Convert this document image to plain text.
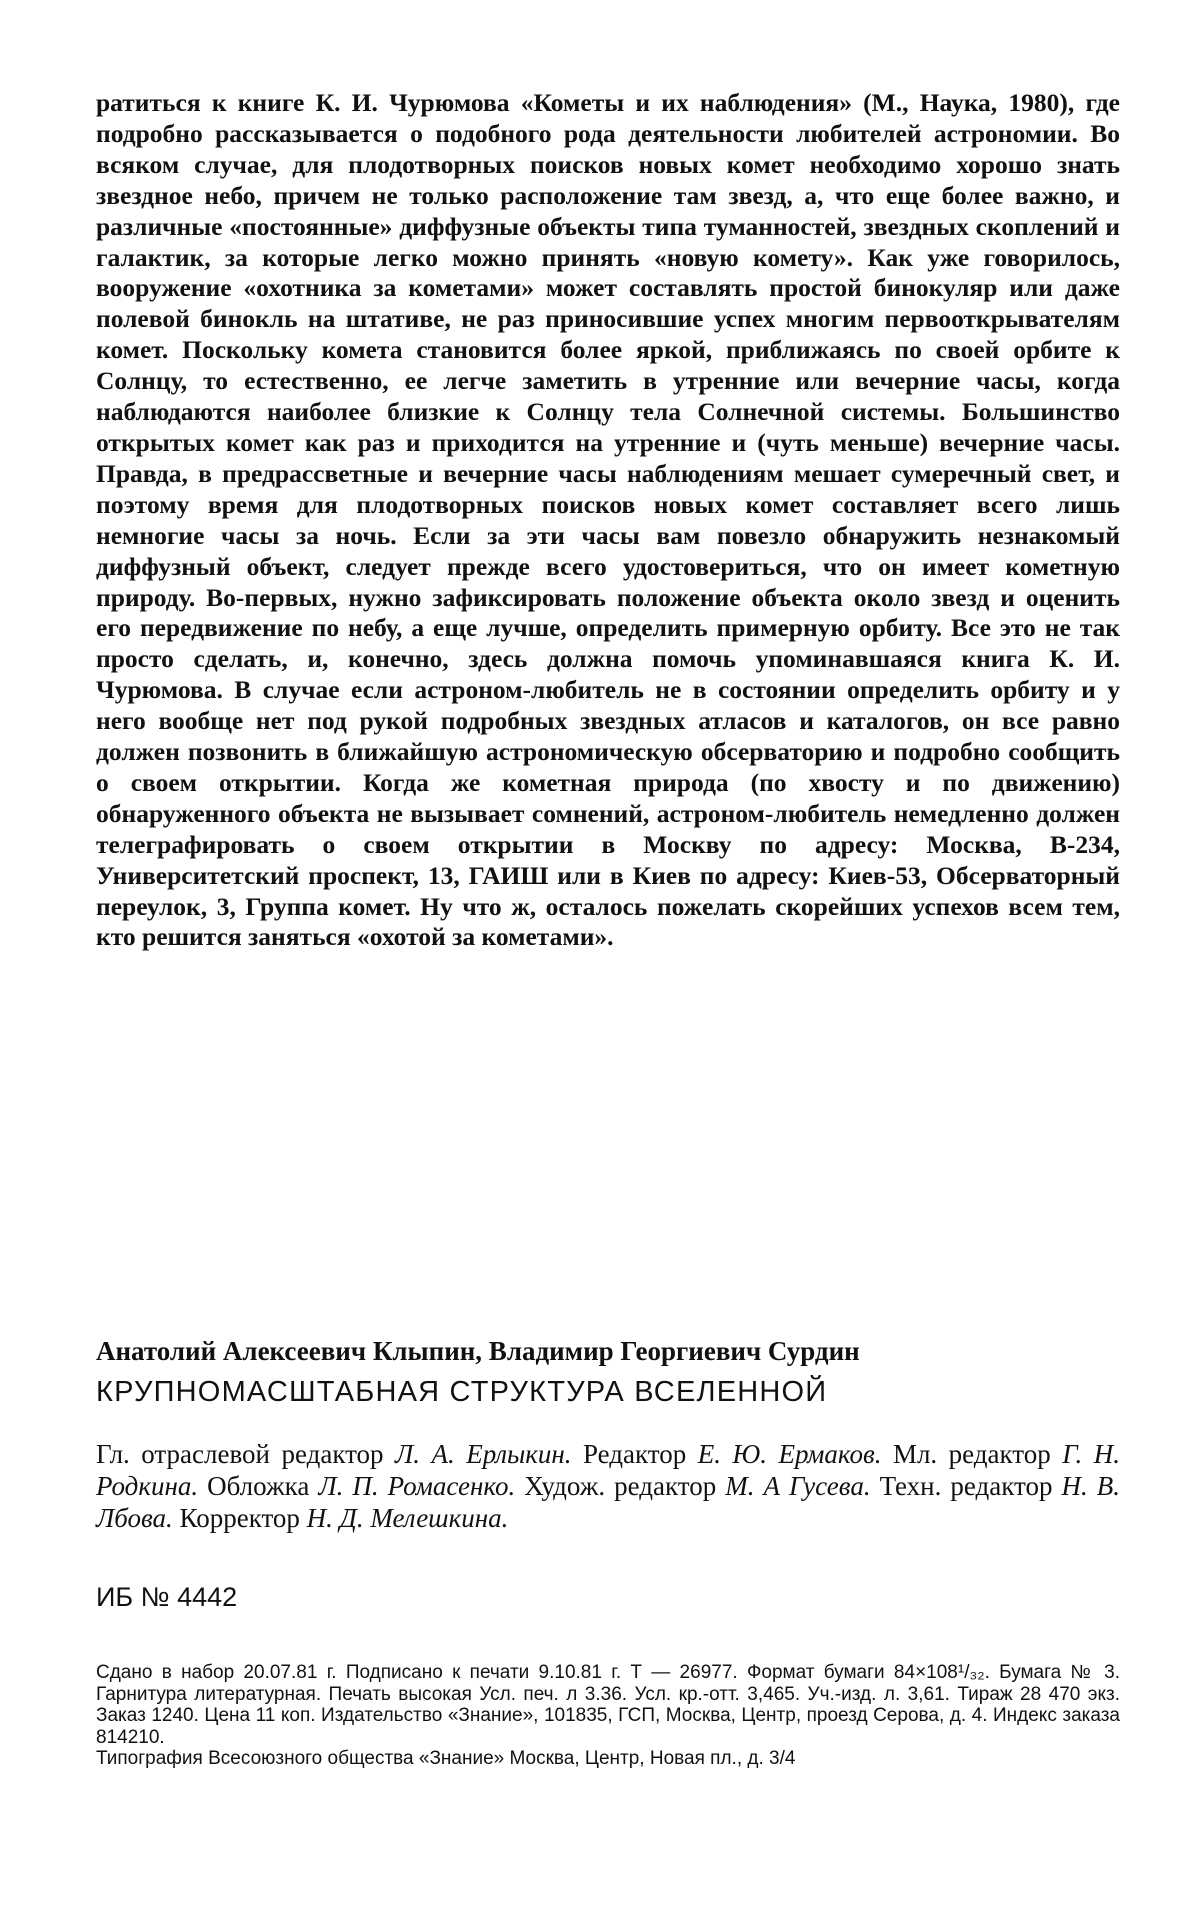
ратиться к книге К. И. Чурюмова «Кометы и их наблюдения» (М., Наука, 1980), где подробно рассказывается о подобного рода деятельности любителей астрономии. Во всяком случае, для плодотворных поисков новых комет необходимо хорошо знать звездное небо, причем не только расположение там звезд, а, что еще более важно, и различные «постоянные» диффузные объекты типа туманностей, звездных скоплений и галактик, за которые легко можно принять «новую комету». Как уже говорилось, вооружение «охотника за кометами» может составлять простой бинокуляр или даже полевой бинокль на штативе, не раз приносившие успех многим первооткрывателям комет. Поскольку комета становится более яркой, приближаясь по своей орбите к Солнцу, то естественно, ее легче заметить в утренние или вечерние часы, когда наблюдаются наиболее близкие к Солнцу тела Солнечной системы. Большинство открытых комет как раз и приходится на утренние и (чуть меньше) вечерние часы. Правда, в предрассветные и вечерние часы наблюдениям мешает сумеречный свет, и поэтому время для плодотворных поисков новых комет составляет всего лишь немногие часы за ночь. Если за эти часы вам повезло обнаружить незнакомый диффузный объект, следует прежде всего удостовериться, что он имеет кометную природу. Во-первых, нужно зафиксировать положение объекта около звезд и оценить его передвижение по небу, а еще лучше, определить примерную орбиту. Все это не так просто сделать, и, конечно, здесь должна помочь упоминавшаяся книга К. И. Чурюмова. В случае если астроном-любитель не в состоянии определить орбиту и у него вообще нет под рукой подробных звездных атласов и каталогов, он все равно должен позвонить в ближайшую астрономическую обсерваторию и подробно сообщить о своем открытии. Когда же кометная природа (по хвосту и по движению) обнаруженного объекта не вызывает сомнений, астроном-любитель немедленно должен телеграфировать о своем открытии в Москву по адресу: Москва, В-234, Университетский проспект, 13, ГАИШ или в Киев по адресу: Киев-53, Обсерваторный переулок, 3, Группа комет. Ну что ж, осталось пожелать скорейших успехов всем тем, кто решится заняться «охотой за кометами».

Анатолий Алексеевич Клыпин, Владимир Георгиевич Сурдин

КРУПНОМАСШТАБНАЯ СТРУКТУРА ВСЕЛЕННОЙ

Гл. отраслевой редактор Л. А. Ерлыкин. Редактор Е. Ю. Ермаков. Мл. редактор Г. Н. Родкина. Обложка Л. П. Ромасенко. Худож. редактор М. А Гусева. Техн. редактор Н. В. Лбова. Корректор Н. Д. Мелешкина.

ИБ № 4442

Сдано в набор 20.07.81 г. Подписано к печати 9.10.81 г. Т — 26977. Формат бумаги 84×108¹/₃₂. Бумага № 3. Гарнитура литературная. Печать высокая Усл. печ. л 3.36. Усл. кр.-отт. 3,465. Уч.-изд. л. 3,61. Тираж 28 470 экз. Заказ 1240. Цена 11 коп. Издательство «Знание», 101835, ГСП, Москва, Центр, проезд Серова, д. 4. Индекс заказа 814210.
Типография Всесоюзного общества «Знание» Москва, Центр, Новая пл., д. 3/4
